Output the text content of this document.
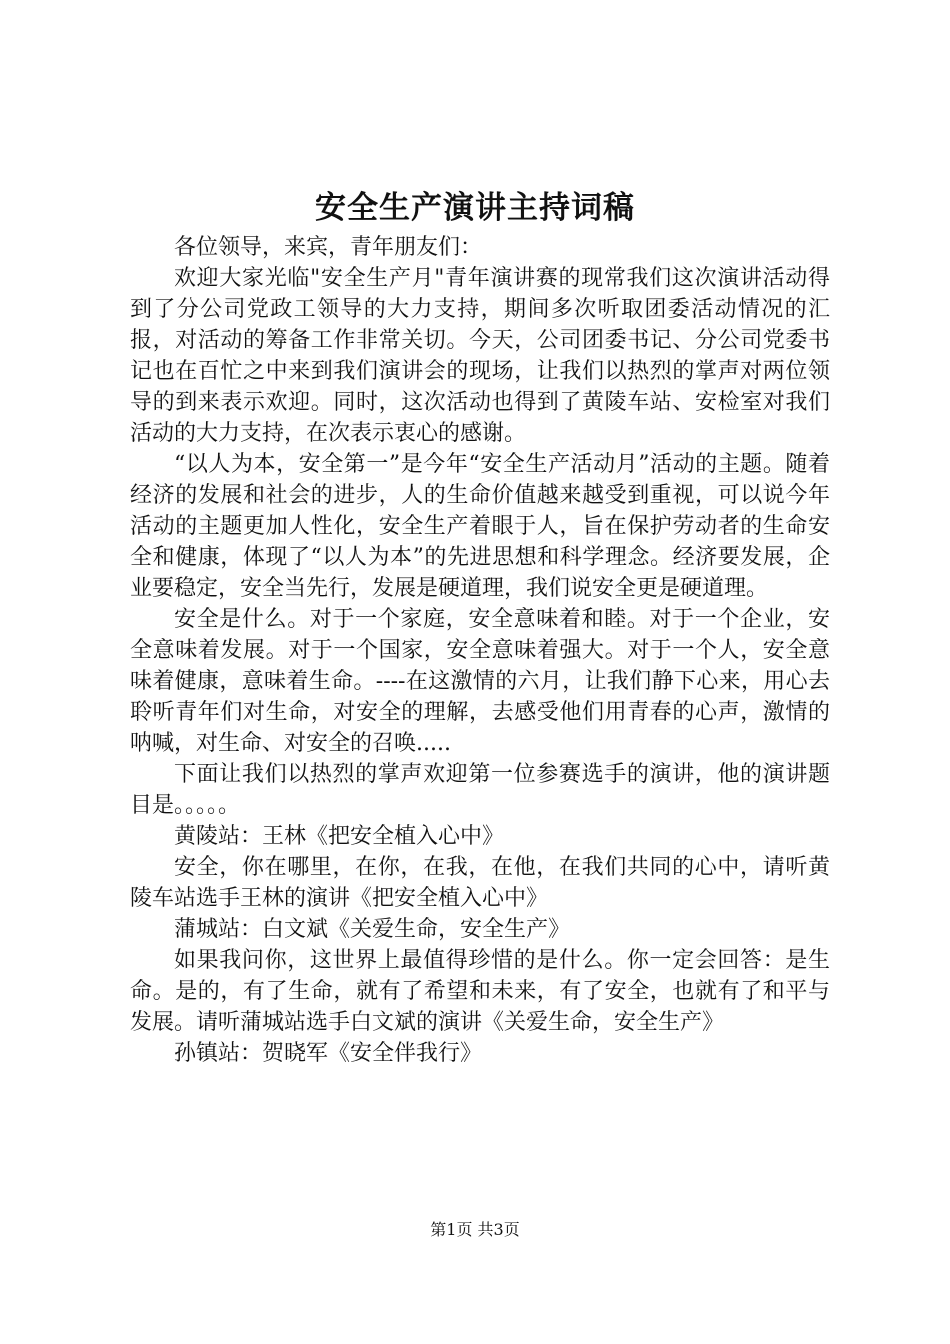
安全生产演讲主持词稿

各位领导，来宾，青年朋友们：

欢迎大家光临"安全生产月"青年演讲赛的现常我们这次演讲活动得到了分公司党政工领导的大力支持，期间多次听取团委活动情况的汇报，对活动的筹备工作非常关切。今天，公司团委书记、分公司党委书记也在百忙之中来到我们演讲会的现场，让我们以热烈的掌声对两位领导的到来表示欢迎。同时，这次活动也得到了黄陵车站、安检室对我们活动的大力支持，在次表示衷心的感谢。

“以人为本，安全第一”是今年“安全生产活动月”活动的主题。随着经济的发展和社会的进步，人的生命价值越来越受到重视，可以说今年活动的主题更加人性化，安全生产着眼于人，旨在保护劳动者的生命安全和健康，体现了“以人为本”的先进思想和科学理念。经济要发展，企业要稳定，安全当先行，发展是硬道理，我们说安全更是硬道理。

安全是什么。对于一个家庭，安全意味着和睦。对于一个企业，安全意味着发展。对于一个国家，安全意味着强大。对于一个人，安全意味着健康，意味着生命。----在这激情的六月，让我们静下心来，用心去聆听青年们对生命，对安全的理解，去感受他们用青春的心声，激情的呐喊，对生命、对安全的召唤.....

下面让我们以热烈的掌声欢迎第一位参赛选手的演讲，他的演讲题目是。。。。。

黄陵站：王林《把安全植入心中》

安全，你在哪里，在你，在我，在他，在我们共同的心中，请听黄陵车站选手王林的演讲《把安全植入心中》

蒲城站：白文斌《关爱生命，安全生产》

如果我问你，这世界上最值得珍惜的是什么。你一定会回答：是生命。是的，有了生命，就有了希望和未来，有了安全，也就有了和平与发展。请听蒲城站选手白文斌的演讲《关爱生命，安全生产》

孙镇站：贺晓军《安全伴我行》

第1页 共3页
